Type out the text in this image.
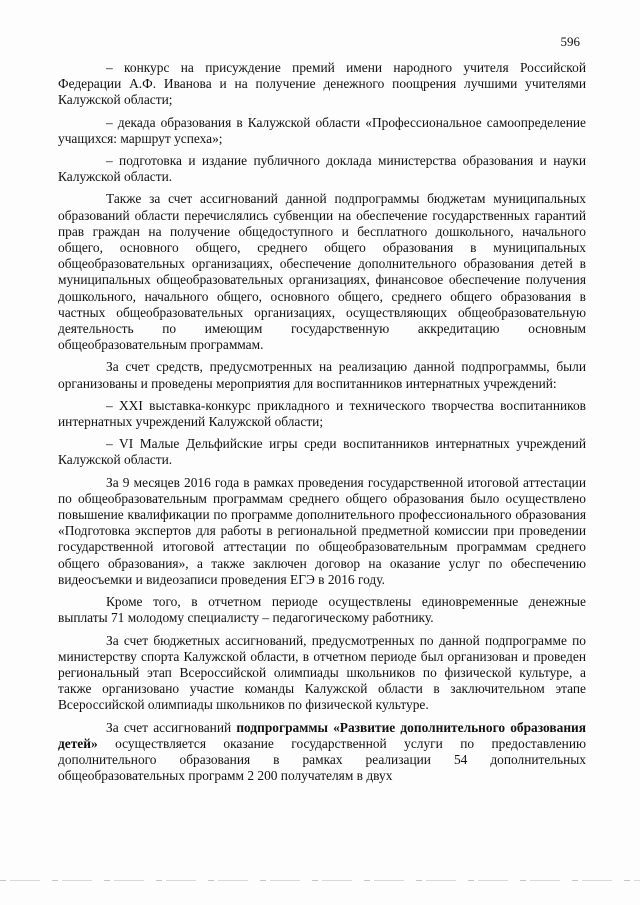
596

– конкурс на присуждение премий имени народного учителя Российской Федерации А.Ф. Иванова и на получение денежного поощрения лучшими учителями Калужской области;

– декада образования в Калужской области «Профессиональное самоопределение учащихся: маршрут успеха»;

– подготовка и издание публичного доклада министерства образования и науки Калужской области.

Также за счет ассигнований данной подпрограммы бюджетам муниципальных образований области перечислялись субвенции на обеспечение государственных гарантий прав граждан на получение общедоступного и бесплатного дошкольного, начального общего, основного общего, среднего общего образования в муниципальных общеобразовательных организациях, обеспечение дополнительного образования детей в муниципальных общеобразовательных организациях, финансовое обеспечение получения дошкольного, начального общего, основного общего, среднего общего образования в частных общеобразовательных организациях, осуществляющих общеобразовательную деятельность по имеющим государственную аккредитацию основным общеобразовательным программам.

За счет средств, предусмотренных на реализацию данной подпрограммы, были организованы и проведены мероприятия для воспитанников интернатных учреждений:

– XXI выставка-конкурс прикладного и технического творчества воспитанников интернатных учреждений Калужской области;

– VI Малые Дельфийские игры среди воспитанников интернатных учреждений Калужской области.

За 9 месяцев 2016 года в рамках проведения государственной итоговой аттестации по общеобразовательным программам среднего общего образования было осуществлено повышение квалификации по программе дополнительного профессионального образования «Подготовка экспертов для работы в региональной предметной комиссии при проведении государственной итоговой аттестации по общеобразовательным программам среднего общего образования», а также заключен договор на оказание услуг по обеспечению видеосъемки и видеозаписи проведения ЕГЭ в 2016 году.

Кроме того, в отчетном периоде осуществлены единовременные денежные выплаты 71 молодому специалисту – педагогическому работнику.

За счет бюджетных ассигнований, предусмотренных по данной подпрограмме по министерству спорта Калужской области, в отчетном периоде был организован и проведен региональный этап Всероссийской олимпиады школьников по физической культуре, а также организовано участие команды Калужской области в заключительном этапе Всероссийской олимпиады школьников по физической культуре.

За счет ассигнований подпрограммы «Развитие дополнительного образования детей» осуществляется оказание государственной услуги по предоставлению дополнительного образования в рамках реализации 54 дополнительных общеобразовательных программ 2 200 получателям в двух
